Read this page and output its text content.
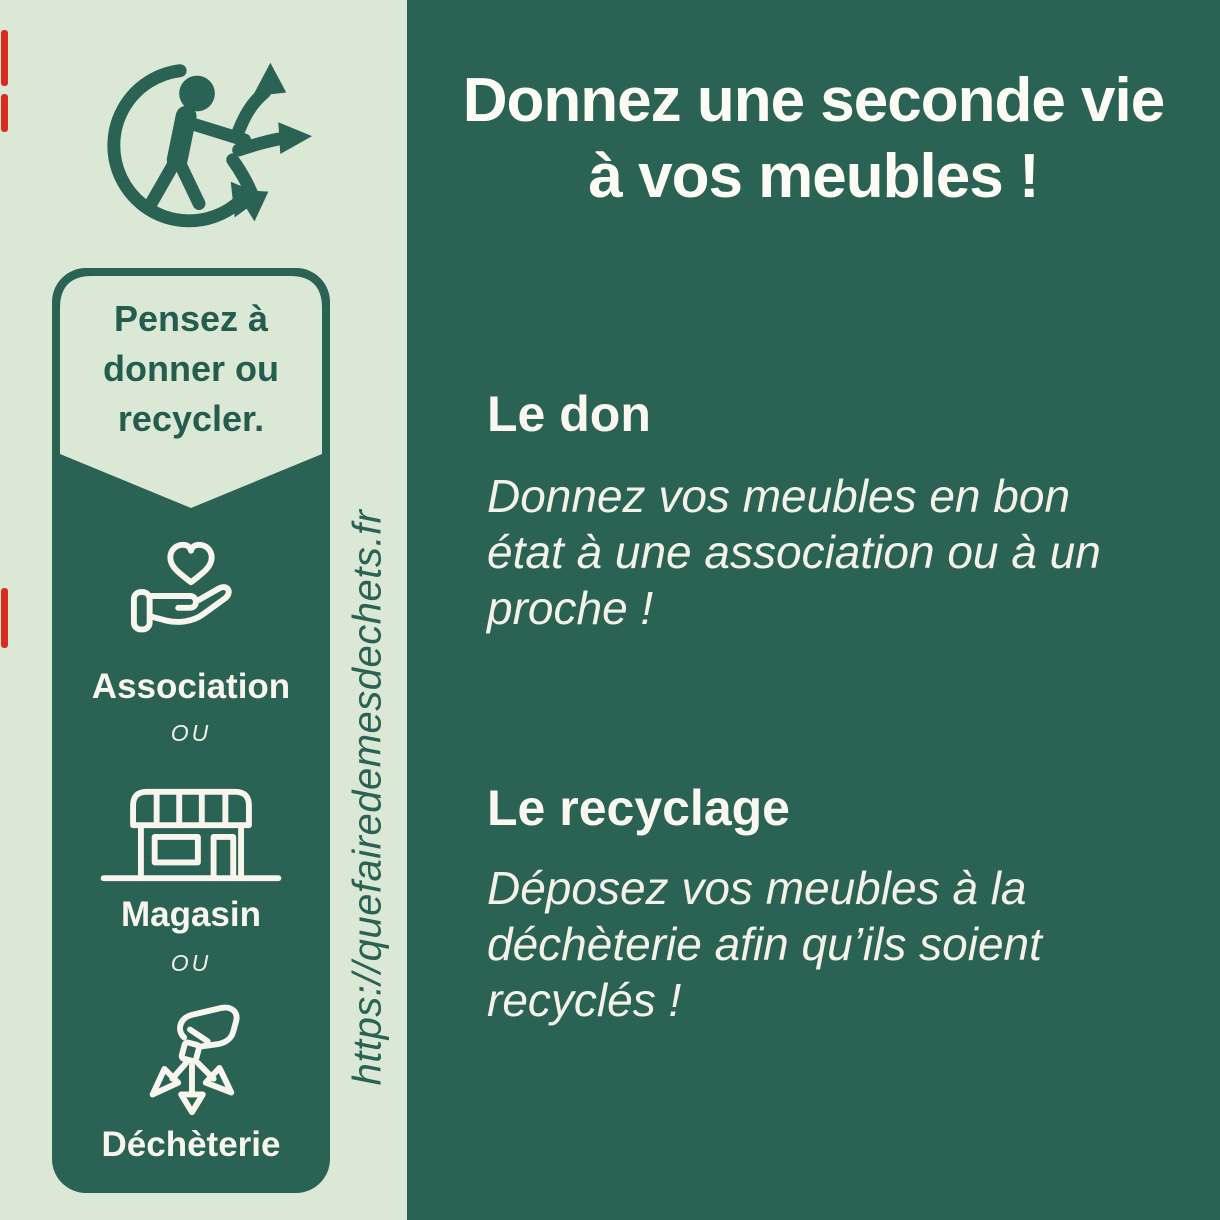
Donnez une seconde vie
à vos meubles !
Le don
Donnez vos meubles en bon
état à une association ou à un
proche !
Le recyclage
Déposez vos meubles à la
déchèterie afin qu’ils soient
recyclés !
Pensez à donner ou recycler.
Association
OU
Magasin
OU
Déchèterie
https://quefairedemesdechets.fr
